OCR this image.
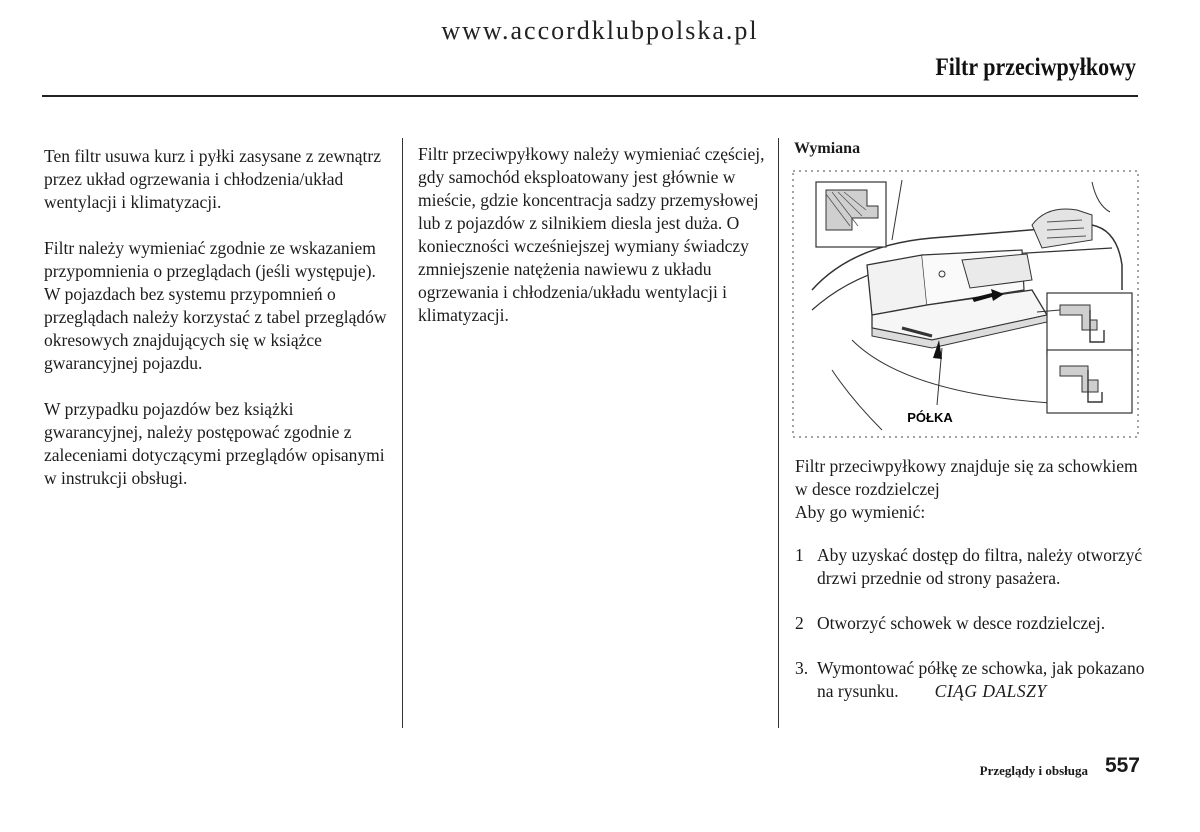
www.accordklubpolska.pl
Filtr przeciwpyłkowy

Ten filtr usuwa kurz i pyłki zasysane z zewnątrz przez układ ogrzewania i chłodzenia/układ wentylacji i klimatyzacji.

Filtr należy wymieniać zgodnie ze wskazaniem przypomnienia o przeglądach (jeśli występuje). W pojazdach bez systemu przypomnień o przeglądach należy korzystać z tabel przeglądów okresowych znajdujących się w książce gwarancyjnej pojazdu.

W przypadku pojazdów bez książki gwarancyjnej, należy postępować zgodnie z zaleceniami dotyczącymi przeglądów opisanymi w instrukcji obsługi.

Filtr przeciwpyłkowy należy wymieniać częściej, gdy samochód eksploatowany jest głównie w mieście, gdzie koncentracja sadzy przemysłowej lub z pojazdów z silnikiem diesla jest duża. O konieczności wcześniejszej wymiany świadczy zmniejszenie natężenia nawiewu z układu ogrzewania i chłodzenia/układu wentylacji i klimatyzacji.

Wymiana
PÓŁKA

Filtr przeciwpyłkowy znajduje się za schowkiem w desce rozdzielczej

Aby go wymienić:
1 Aby uzyskać dostęp do filtra, należy otworzyć drzwi przednie od strony pasażera.
2 Otworzyć schowek w desce rozdzielczej.
3. Wymontować półkę ze schowka, jak pokazano na rysunku. CIĄG DALSZY
Przeglądy i obsługa 557
